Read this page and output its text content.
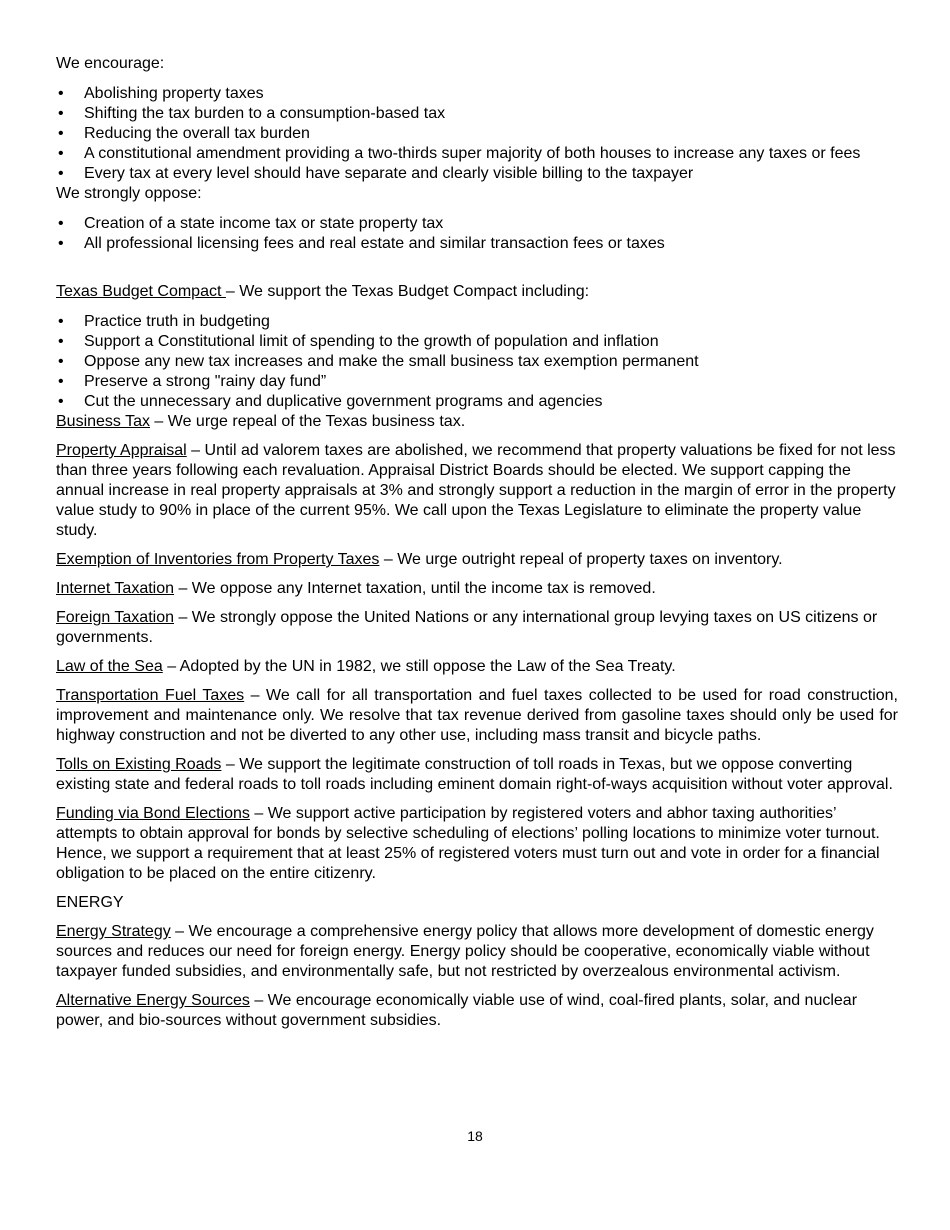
We encourage:

• Abolishing property taxes
• Shifting the tax burden to a consumption-based tax
• Reducing the overall tax burden
• A constitutional amendment providing a two-thirds super majority of both houses to increase any taxes or fees
• Every tax at every level should have separate and clearly visible billing to the taxpayer

We strongly oppose:

• Creation of a state income tax or state property tax
• All professional licensing fees and real estate and similar transaction fees or taxes

Texas Budget Compact – We support the Texas Budget Compact including:

• Practice truth in budgeting
• Support a Constitutional limit of spending to the growth of population and inflation
• Oppose any new tax increases and make the small business tax exemption permanent
• Preserve a strong "rainy day fund”
• Cut the unnecessary and duplicative government programs and agencies

Business Tax – We urge repeal of the Texas business tax.

Property Appraisal – Until ad valorem taxes are abolished, we recommend that property valuations be fixed for not less than three years following each revaluation. Appraisal District Boards should be elected. We support capping the annual increase in real property appraisals at 3% and strongly support a reduction in the margin of error in the property value study to 90% in place of the current 95%. We call upon the Texas Legislature to eliminate the property value study.

Exemption of Inventories from Property Taxes – We urge outright repeal of property taxes on inventory.

Internet Taxation – We oppose any Internet taxation, until the income tax is removed.

Foreign Taxation – We strongly oppose the United Nations or any international group levying taxes on US citizens or governments.

Law of the Sea – Adopted by the UN in 1982, we still oppose the Law of the Sea Treaty.

Transportation Fuel Taxes – We call for all transportation and fuel taxes collected to be used for road construction, improvement and maintenance only. We resolve that tax revenue derived from gasoline taxes should only be used for highway construction and not be diverted to any other use, including mass transit and bicycle paths.

Tolls on Existing Roads – We support the legitimate construction of toll roads in Texas, but we oppose converting existing state and federal roads to toll roads including eminent domain right-of-ways acquisition without voter approval.

Funding via Bond Elections – We support active participation by registered voters and abhor taxing authorities’ attempts to obtain approval for bonds by selective scheduling of elections’ polling locations to minimize voter turnout. Hence, we support a requirement that at least 25% of registered voters must turn out and vote in order for a financial obligation to be placed on the entire citizenry.

ENERGY

Energy Strategy – We encourage a comprehensive energy policy that allows more development of domestic energy sources and reduces our need for foreign energy. Energy policy should be cooperative, economically viable without taxpayer funded subsidies, and environmentally safe, but not restricted by overzealous environmental activism.

Alternative Energy Sources – We encourage economically viable use of wind, coal-fired plants, solar, and nuclear power, and bio-sources without government subsidies.

18
